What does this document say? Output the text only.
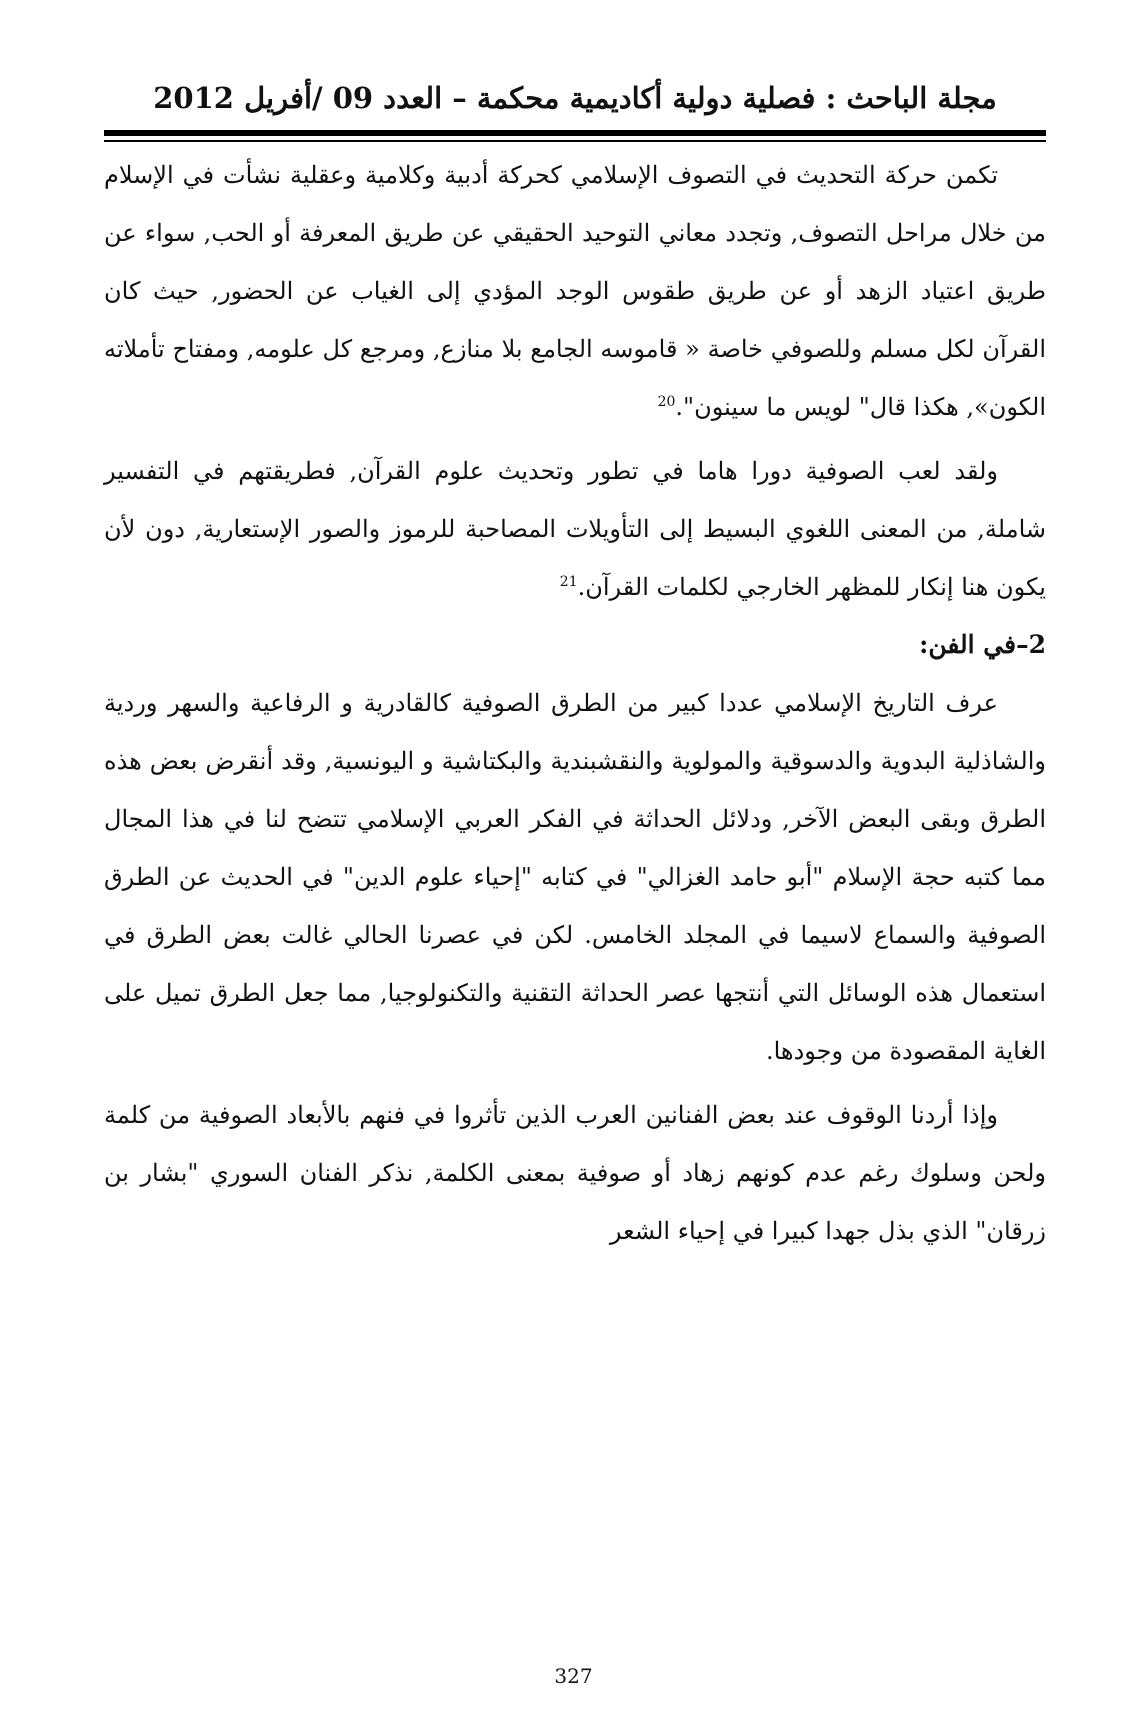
مجلة الباحث : فصلية دولية أكاديمية محكمة – العدد 09 /أفريل 2012

تكمن حركة التحديث في التصوف الإسلامي كحركة أدبية وكلامية وعقلية نشأت في الإسلام من خلال مراحل التصوف, وتجدد معاني التوحيد الحقيقي عن طريق المعرفة أو الحب, سواء عن طريق اعتياد الزهد أو عن طريق طقوس الوجد المؤدي إلى الغياب عن الحضور, حيث كان القرآن لكل مسلم وللصوفي خاصة « قاموسه الجامع بلا منازع, ومرجع كل علومه, ومفتاح تأملاته الكون», هكذا قال" لويس ما سينون".$^{20}$

ولقد لعب الصوفية دورا هاما في تطور وتحديث علوم القرآن, فطريقتهم في التفسير شاملة, من المعنى اللغوي البسيط إلى التأويلات المصاحبة للرموز والصور الإستعارية, دون لأن يكون هنا إنكار للمظهر الخارجي لكلمات القرآن.$^{21}$

2–في الفن:

عرف التاريخ الإسلامي عددا كبير من الطرق الصوفية كالقادرية و الرفاعية والسهر وردية والشاذلية البدوية والدسوقية والمولوية والنقشبندية والبكتاشية و اليونسية, وقد أنقرض بعض هذه الطرق وبقى البعض الآخر, ودلائل الحداثة في الفكر العربي الإسلامي تتضح لنا في هذا المجال مما كتبه حجة الإسلام "أبو حامد الغزالي" في كتابه "إحياء علوم الدين" في الحديث عن الطرق الصوفية والسماع لاسيما في المجلد الخامس. لكن في عصرنا الحالي غالت بعض الطرق في استعمال هذه الوسائل التي أنتجها عصر الحداثة التقنية والتكنولوجيا, مما جعل الطرق تميل على الغاية المقصودة من وجودها.

وإذا أردنا الوقوف عند بعض الفنانين العرب الذين تأثروا في فنهم بالأبعاد الصوفية من كلمة ولحن وسلوك رغم عدم كونهم زهاد أو صوفية بمعنى الكلمة, نذكر الفنان السوري "بشار بن زرقان" الذي بذل جهدا كبيرا في إحياء الشعر

327
